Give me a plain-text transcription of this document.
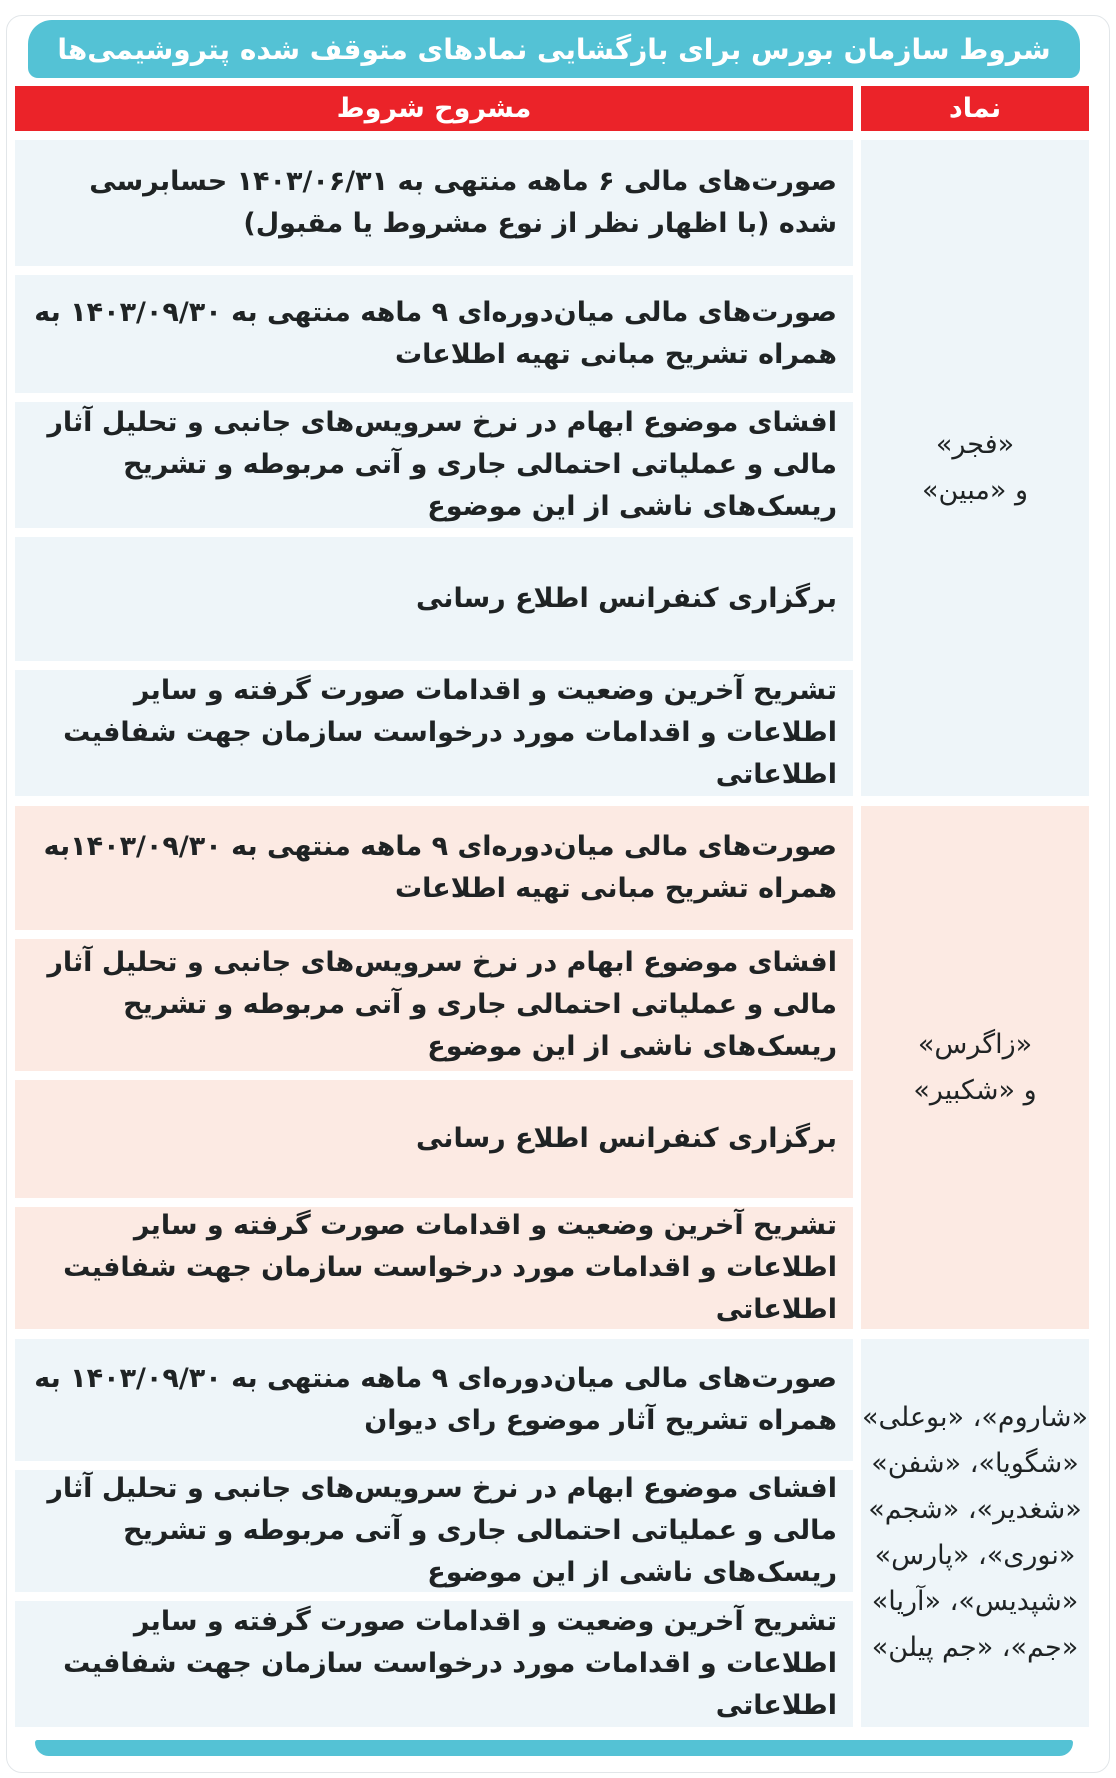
شروط سازمان بورس برای بازگشایی نمادهای متوقف شده پتروشیمی‌ها
نماد
مشروح شروط
«فجر»
و «مبین»

صورت‌های مالی ۶ ماهه منتهی به ۱۴۰۳/۰۶/۳۱ حسابرسی شده (با اظهار نظر از نوع مشروط یا مقبول)

صورت‌های مالی میان‌دوره‌ای ۹ ماهه منتهی به ۱۴۰۳/۰۹/۳۰ به همراه تشریح مبانی تهیه اطلاعات

افشای موضوع ابهام در نرخ سرویس‌های جانبی و تحلیل آثار مالی و عملیاتی احتمالی جاری و آتی مربوطه و تشریح ریسک‌های ناشی از این موضوع

برگزاری کنفرانس اطلاع رسانی

تشریح آخرین وضعیت و اقدامات صورت گرفته و سایر اطلاعات و اقدامات مورد درخواست سازمان جهت شفافیت اطلاعاتی

«زاگرس»
و «شکبیر»

صورت‌های مالی میان‌دوره‌ای ۹ ماهه منتهی به ۱۴۰۳/۰۹/۳۰به همراه تشریح مبانی تهیه اطلاعات

افشای موضوع ابهام در نرخ سرویس‌های جانبی و تحلیل آثار مالی و عملیاتی احتمالی جاری و آتی مربوطه و تشریح ریسک‌های ناشی از این موضوع

برگزاری کنفرانس اطلاع رسانی

تشریح آخرین وضعیت و اقدامات صورت گرفته و سایر اطلاعات و اقدامات مورد درخواست سازمان جهت شفافیت اطلاعاتی

«شاروم»، «بوعلی»
«شگویا»، «شفن»
«شغدیر»، «شجم»
«نوری»، «پارس»
«شپدیس»، «آریا»
«جم»، «جم پیلن»

صورت‌های مالی میان‌دوره‌ای ۹ ماهه منتهی به ۱۴۰۳/۰۹/۳۰ به همراه تشریح آثار موضوع رای دیوان

افشای موضوع ابهام در نرخ سرویس‌های جانبی و تحلیل آثار مالی و عملیاتی احتمالی جاری و آتی مربوطه و تشریح ریسک‌های ناشی از این موضوع

تشریح آخرین وضعیت و اقدامات صورت گرفته و سایر اطلاعات و اقدامات مورد درخواست سازمان جهت شفافیت اطلاعاتی
